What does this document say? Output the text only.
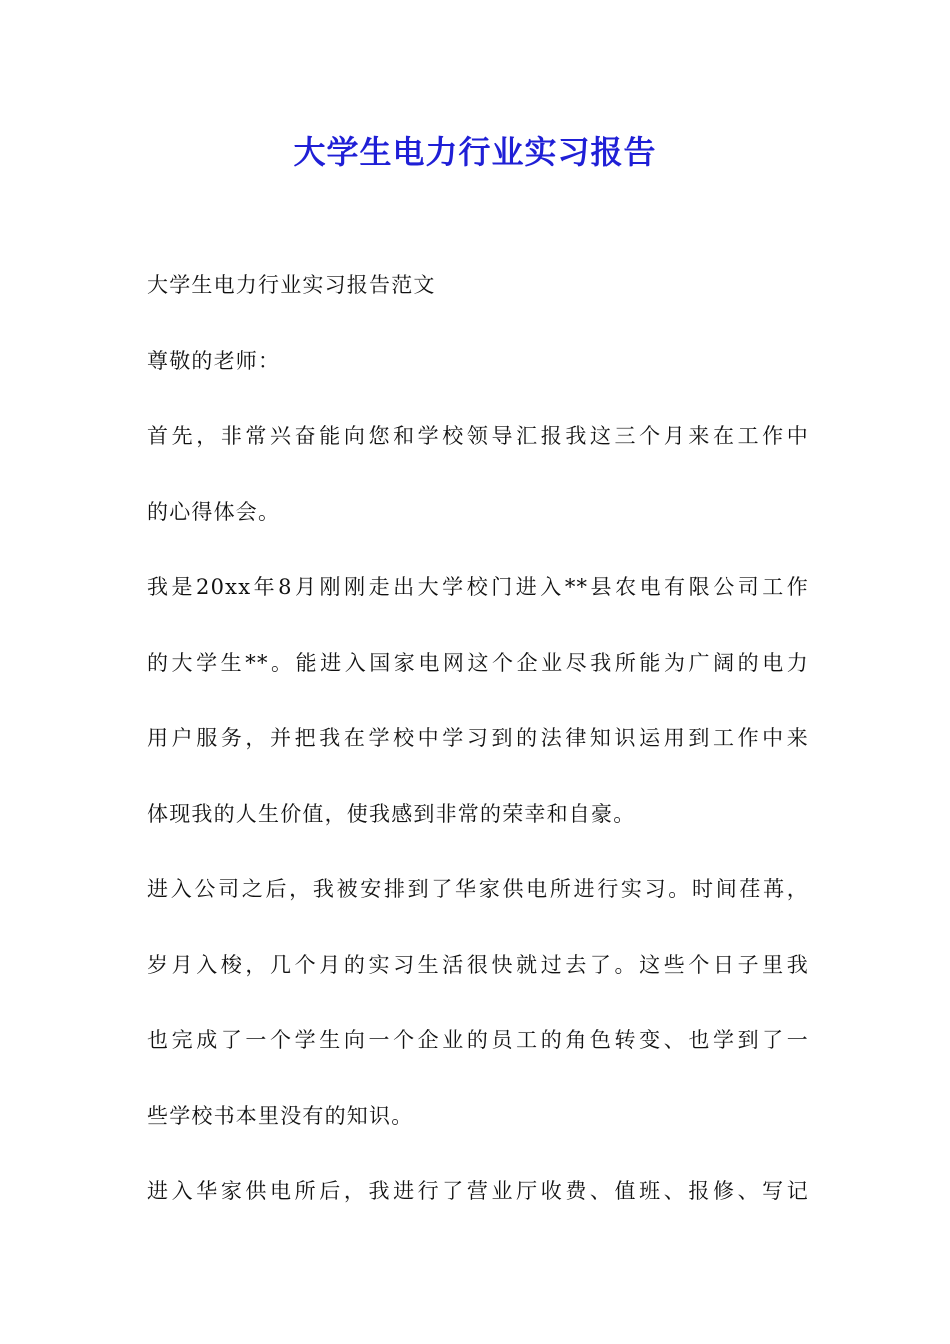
大学生电力行业实习报告
大学生电力行业实习报告范文
尊敬的老师：
首先，非常兴奋能向您和学校领导汇报我这三个月来在工作中
的心得体会。
我是20xx年8月刚刚走出大学校门进入**县农电有限公司工作
的大学生**。能进入国家电网这个企业尽我所能为广阔的电力
用户服务，并把我在学校中学习到的法律知识运用到工作中来
体现我的人生价值，使我感到非常的荣幸和自豪。
进入公司之后，我被安排到了华家供电所进行实习。时间荏苒，
岁月入梭，几个月的实习生活很快就过去了。这些个日子里我
也完成了一个学生向一个企业的员工的角色转变、也学到了一
些学校书本里没有的知识。
进入华家供电所后，我进行了营业厅收费、值班、报修、写记
